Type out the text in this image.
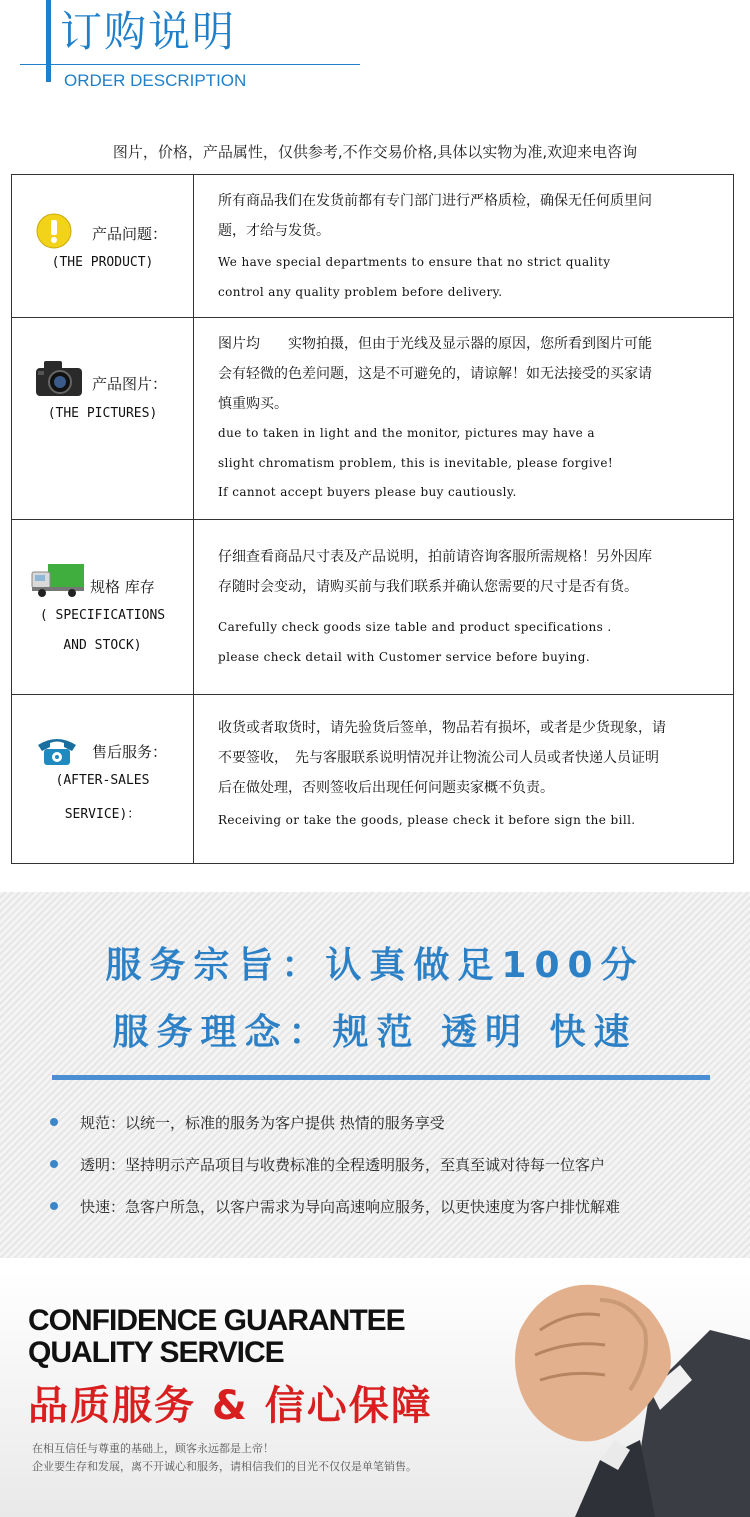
订购说明
ORDER DESCRIPTION
图片，价格，产品属性，仅供参考,不作交易价格,具体以实物为准,欢迎来电咨询
产品问题：
(THE PRODUCT)
所有商品我们在发货前都有专门部门进行严格质检，确保无任何质里问
题，才给与发货。
We have special departments to ensure that no strict quality
control any quality problem before delivery.
产品图片：
(THE PICTURES)
图片均　　实物拍摄，但由于光线及显示器的原因，您所看到图片可能
会有轻微的色差问题，这是不可避免的，请谅解！如无法接受的买家请
慎重购买。
due to taken in light and the monitor, pictures may have a
slight chromatism problem, this is inevitable, please forgive!
If cannot accept buyers please buy cautiously.
规格 库存
( SPECIFICATIONS
AND STOCK)
仔细查看商品尺寸表及产品说明，拍前请咨询客服所需规格！另外因库
存随时会变动，请购买前与我们联系并确认您需要的尺寸是否有货。
Carefully check goods size table and product specifications .
please check detail with Customer service before buying.
售后服务：
(AFTER-SALES
SERVICE)：
收货或者取货时，请先验货后签单，物品若有损坏，或者是少货现象，请
不要签收，　先与客服联系说明情况并让物流公司人员或者快递人员证明
后在做处理，否则签收后出现任何问题卖家概不负责。
Receiving or take the goods, please check it before sign the bill.
服务宗旨：认真做足100分
服务理念：规范 透明 快速
规范：以统一，标准的服务为客户提供 热情的服务享受
透明：坚持明示产品项目与收费标准的全程透明服务，至真至诚对待每一位客户
快速：急客户所急，以客户需求为导向高速响应服务，以更快速度为客户排忧解难
CONFIDENCE GUARANTEE
QUALITY SERVICE
品质服务 & 信心保障
在相互信任与尊重的基础上，顾客永远都是上帝！
企业要生存和发展，离不开诚心和服务，请相信我们的目光不仅仅是单笔销售。
